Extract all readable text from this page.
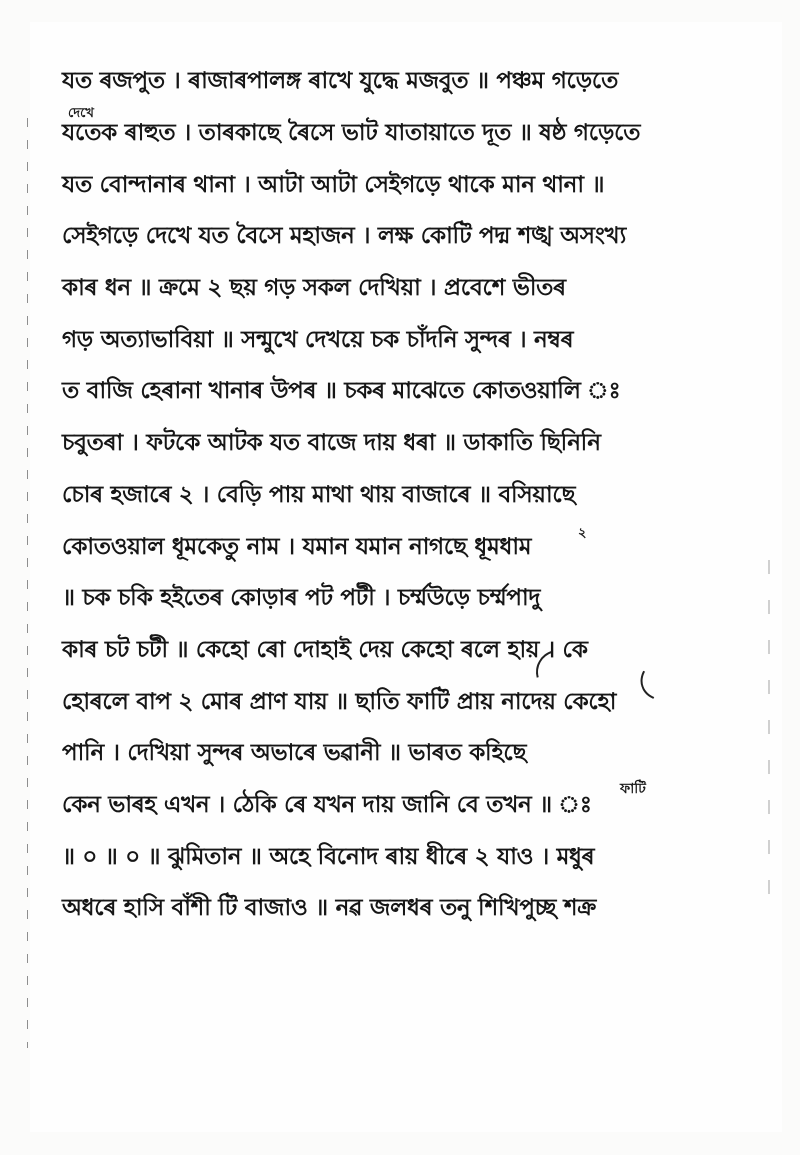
দেখে
২
ফাটি
যত ৰজপুত । ৰাজাৰপালঙ্গ ৰাখে যুদ্ধে মজবুত ॥ পঞ্চম গড়েতে
যতেক ৰাহুত । তাৰকাছে ৰৈসে ভাট যাতায়াতে দূত ॥ ষষ্ঠ গড়েতে
যত বোন্দানাৰ থানা । আটা আটা সেইগড়ে থাকে মান থানা ॥
সেইগড়ে দেখে যত বৈসে মহাজন । লক্ষ কোটি পদ্ম শঙ্খ অসংখ্য
কাৰ ধন ॥ ক্ৰমে ২ ছয় গড় সকল দেখিয়া । প্ৰবেশে ভীতৰ
গড় অত্যাভাবিয়া ॥ সন্মুখে দেখয়ে চক চাঁদনি সুন্দৰ । নম্বৰ
ত বাজি হেৰানা খানাৰ উপৰ ॥ চকৰ মাঝেতে কোতওয়ালি ঃ
চবুতৰা । ফটকে আটক যত বাজে দায় ধৰা ॥ ডাকাতি ছিনিনি
চোৰ হজাৰে ২ । বেড়ি পায় মাথা থায় বাজাৰে ॥ বসিয়াছে
কোতওয়াল ধূমকেতু নাম । যমান যমান নাগছে ধূমধাম
॥ চক চকি হইতেৰ কোড়াৰ পট পটী । চৰ্ম্মউড়ে চৰ্ম্মপাদু
কাৰ চট চটী ॥ কেহো ৰো দোহাই দেয় কেহো ৰলে হায় । কে
হোৰলে বাপ ২ মোৰ প্ৰাণ যায় ॥ ছাতি ফাটি প্ৰায় নাদেয় কেহো
পানি । দেখিয়া সুন্দৰ অভাৰে ভৱানী ॥ ভাৰত কহিছে
কেন ভাৰহ এখন । ঠেকি ৰে যখন দায় জানি বে তখন ॥ ঃ
॥ ০ ॥ ০ ॥ ঝুমিতান ॥ অহে বিনোদ ৰায় ধীৰে ২ যাও । মধুৰ
অধৰে হাসি বাঁশী টি বাজাও ॥ নৱ জলধৰ তনু শিখিপুচ্ছ শক্ৰ
